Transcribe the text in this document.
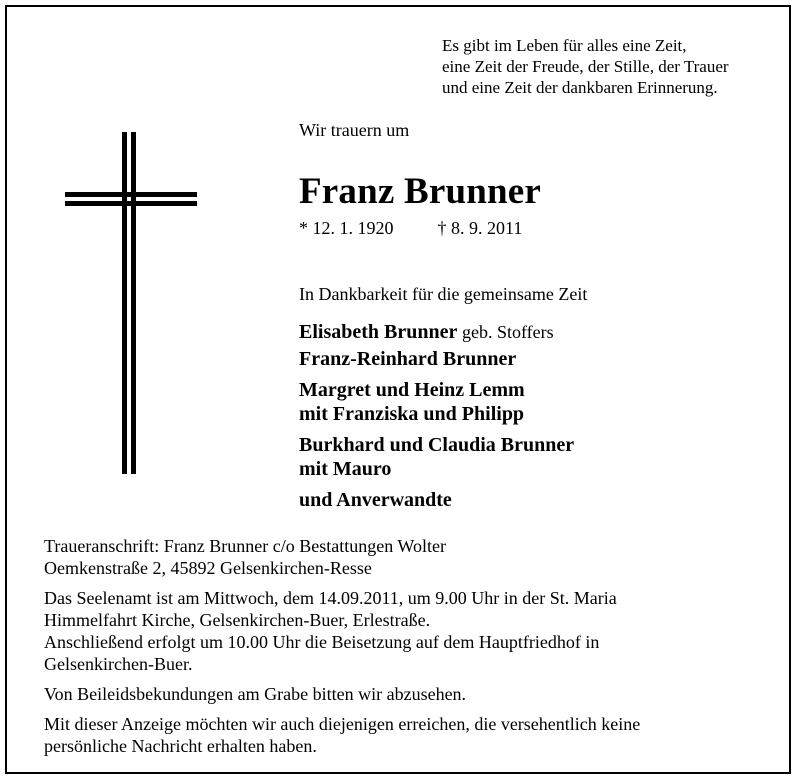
Es gibt im Leben für alles eine Zeit,
eine Zeit der Freude, der Stille, der Trauer
und eine Zeit der dankbaren Erinnerung.
Wir trauern um
Franz Brunner
* 12. 1. 1920 † 8. 9. 2011
In Dankbarkeit für die gemeinsame Zeit
Elisabeth Brunner geb. Stoffers
Franz-Reinhard Brunner
Margret und Heinz Lemm
mit Franziska und Philipp
Burkhard und Claudia Brunner
mit Mauro
und Anverwandte

Traueranschrift: Franz Brunner c/o Bestattungen Wolter
Oemkenstraße 2, 45892 Gelsenkirchen-Resse

Das Seelenamt ist am Mittwoch, dem 14.09.2011, um 9.00 Uhr in der St. Maria
Himmelfahrt Kirche, Gelsenkirchen-Buer, Erlestraße.
Anschließend erfolgt um 10.00 Uhr die Beisetzung auf dem Hauptfriedhof in
Gelsenkirchen-Buer.

Von Beileidsbekundungen am Grabe bitten wir abzusehen.

Mit dieser Anzeige möchten wir auch diejenigen erreichen, die versehentlich keine
persönliche Nachricht erhalten haben.
